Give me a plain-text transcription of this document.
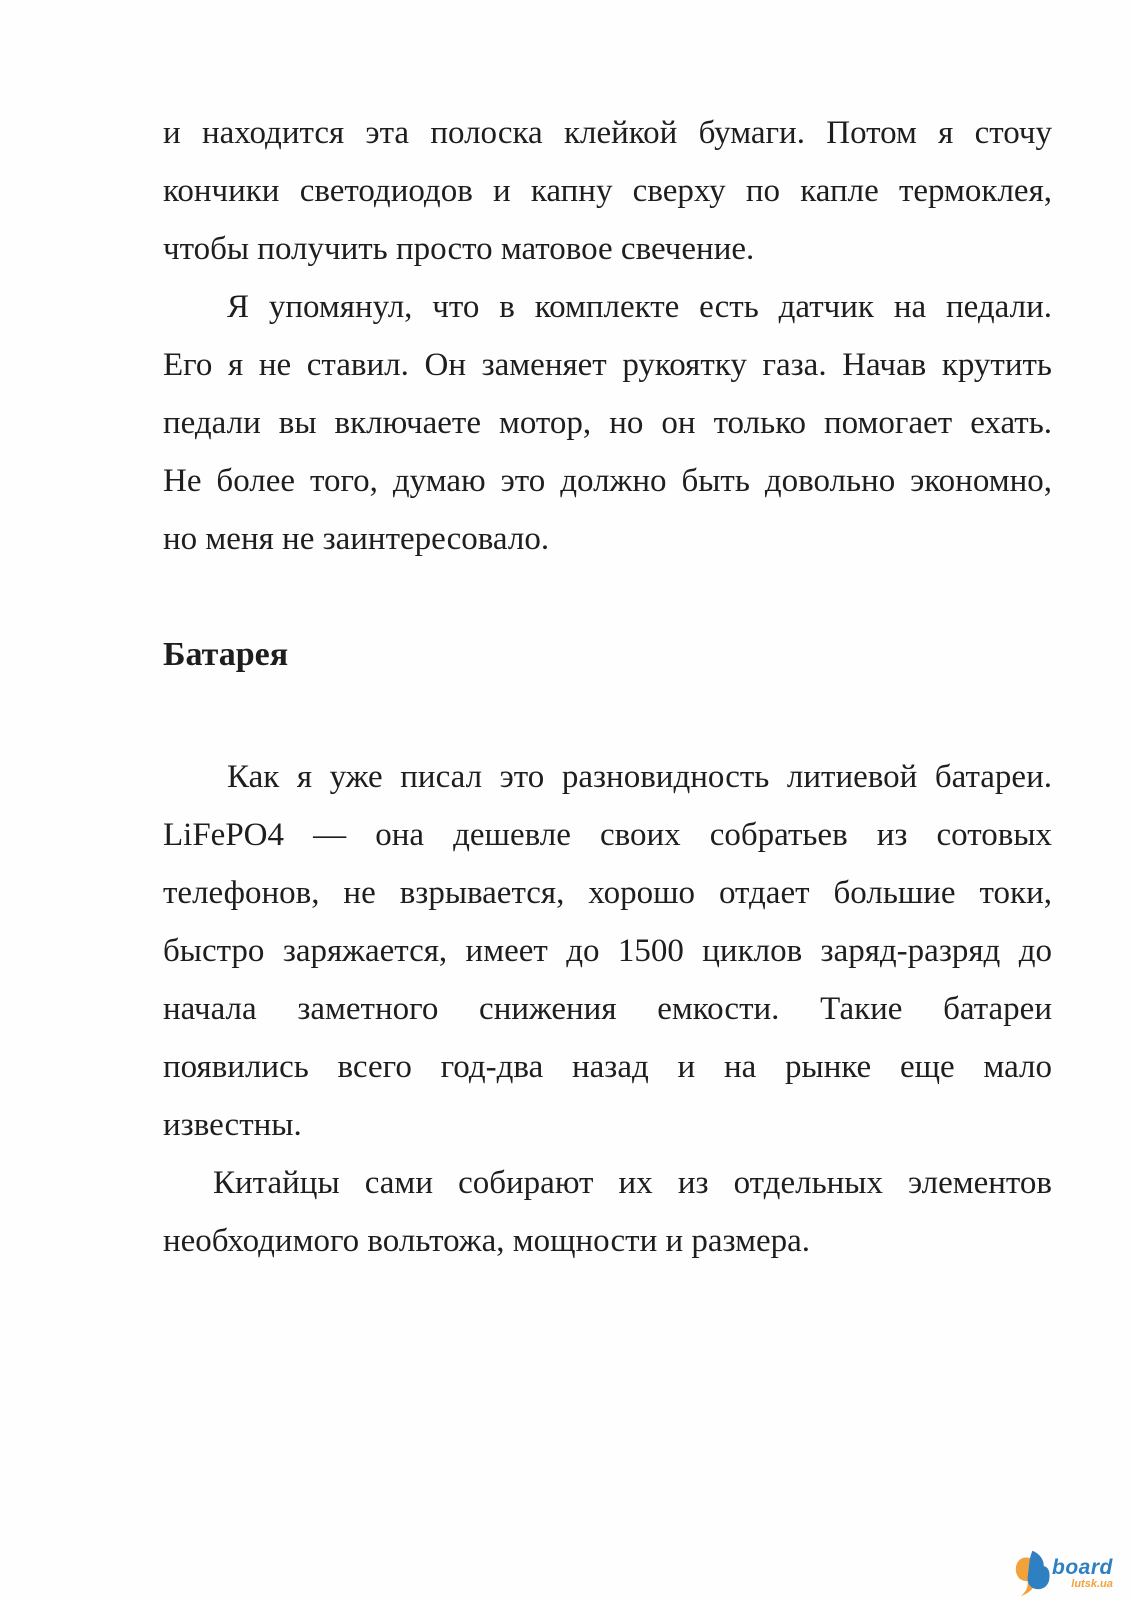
и находится эта полоска клейкой бумаги. Потом я сточу
кончики светодиодов и капну сверху по капле термоклея,
чтобы получить просто матовое свечение.
Я упомянул, что в комплекте есть датчик на педали.
Его я не ставил. Он заменяет рукоятку газа. Начав крутить
педали вы включаете мотор, но он только помогает ехать.
Не более того, думаю это должно быть довольно экономно,
но меня не заинтересовало.
Батарея
Как я уже писал это разновидность литиевой батареи.
LiFePO4 — она дешевле своих собратьев из сотовых
телефонов, не взрывается, хорошо отдает большие токи,
быстро заряжается, имеет до 1500 циклов заряд-разряд до
начала заметного снижения емкости. Такие батареи
появились всего год-два назад и на рынке еще мало
известны.
Китайцы сами собирают их из отдельных элементов
необходимого вольтожа, мощности и размера.
board
lutsk.ua
